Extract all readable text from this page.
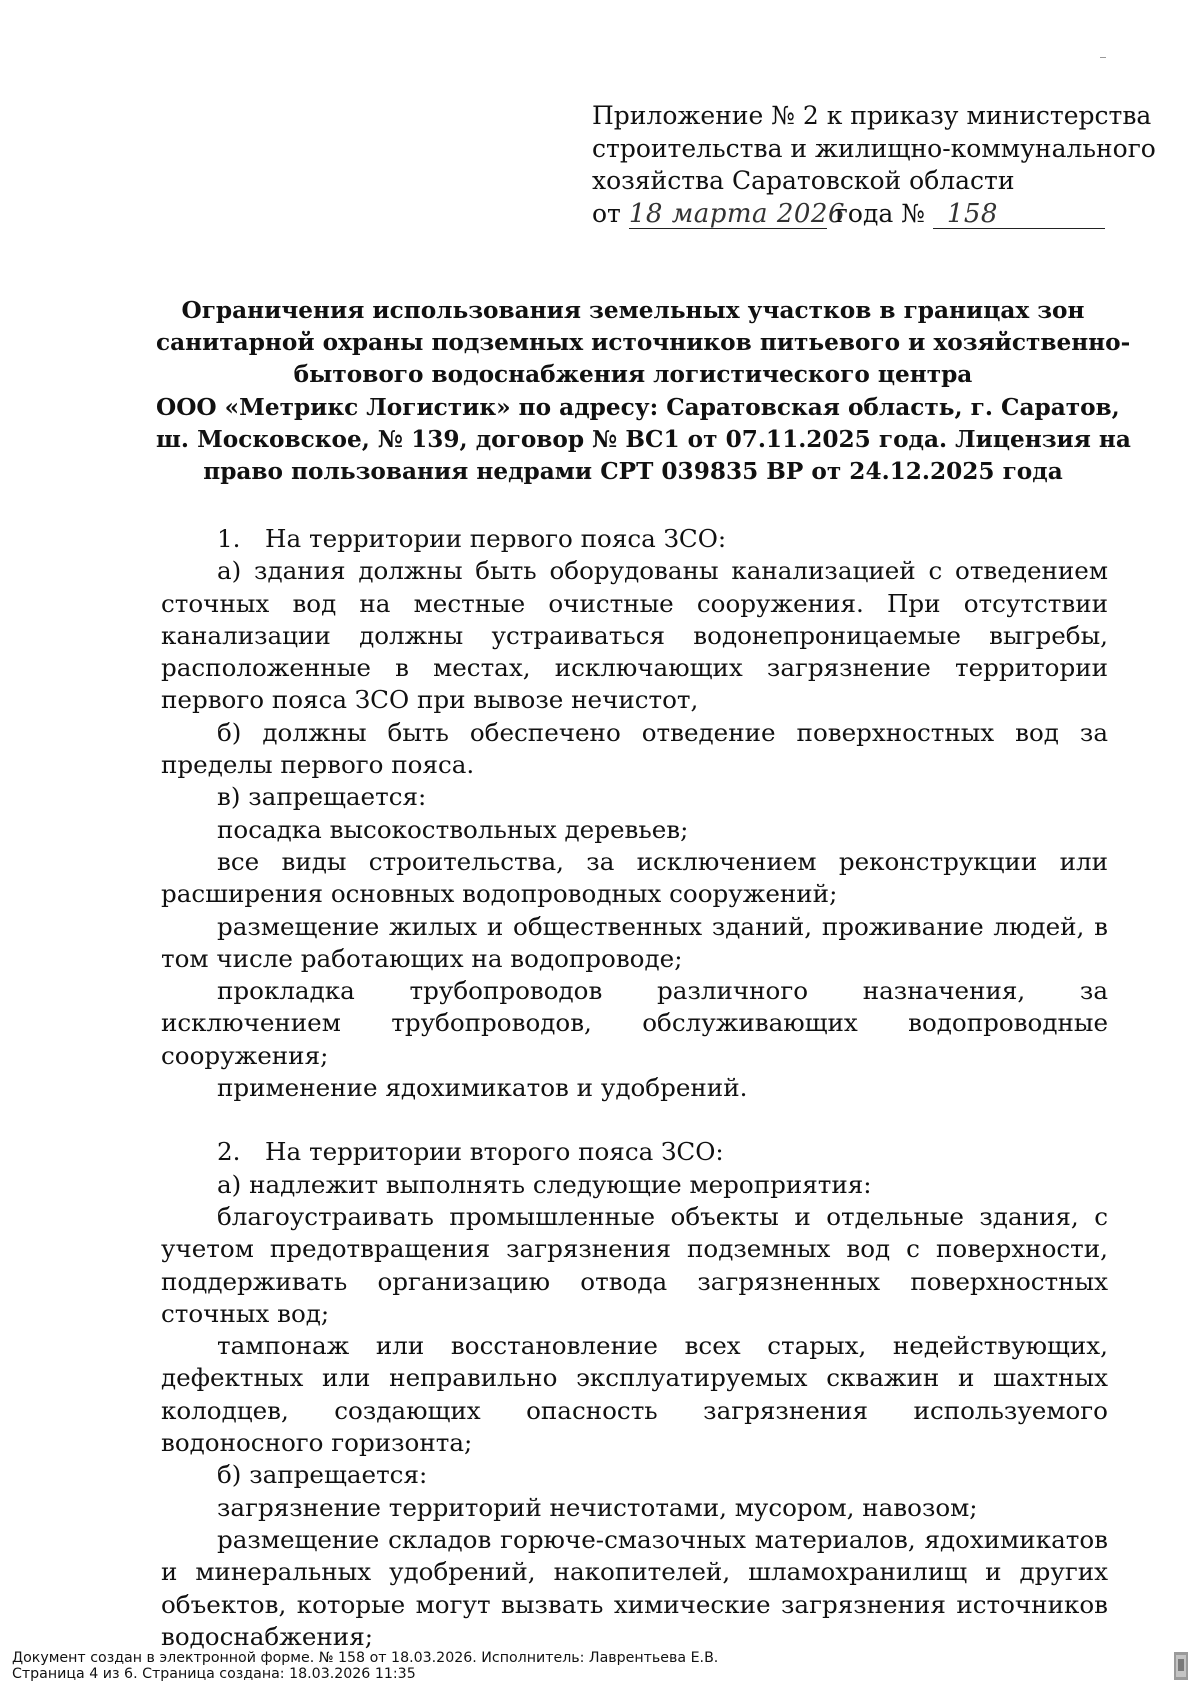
Приложение № 2 к приказу министерства
строительства и жилищно-коммунального
хозяйства Саратовской области
от 18 марта 2026 года № 158
Ограничения использования земельных участков в границах зон
санитарной охраны подземных источников питьевого и хозяйственно-
бытового водоснабжения логистического центра
ООО «Метрикс Логистик» по адресу: Саратовская область, г. Саратов,
ш. Московское, № 139, договор № ВС1 от 07.11.2025 года. Лицензия на
право пользования недрами СРТ 039835 ВР от 24.12.2025 года
1. На территории первого пояса ЗСО:
а) здания должны быть оборудованы канализацией с отведением сточных вод на местные очистные сооружения. При отсутствии канализации должны устраиваться водонепроницаемые выгребы, расположенные в местах, исключающих загрязнение территории первого пояса ЗСО при вывозе нечистот,
б) должны быть обеспечено отведение поверхностных вод за пределы первого пояса.
в) запрещается:
посадка высокоствольных деревьев;
все виды строительства, за исключением реконструкции или расширения основных водопроводных сооружений;
размещение жилых и общественных зданий, проживание людей, в том числе работающих на водопроводе;
прокладка трубопроводов различного назначения, за исключением трубопроводов, обслуживающих водопроводные сооружения;
применение ядохимикатов и удобрений.
2. На территории второго пояса ЗСО:
а) надлежит выполнять следующие мероприятия:
благоустраивать промышленные объекты и отдельные здания, с учетом предотвращения загрязнения подземных вод с поверхности, поддерживать организацию отвода загрязненных поверхностных сточных вод;
тампонаж или восстановление всех старых, недействующих, дефектных или неправильно эксплуатируемых скважин и шахтных колодцев, создающих опасность загрязнения используемого водоносного горизонта;
б) запрещается:
загрязнение территорий нечистотами, мусором, навозом;
размещение складов горюче-смазочных материалов, ядохимикатов и минеральных удобрений, накопителей, шламохранилищ и других объектов, которые могут вызвать химические загрязнения источников водоснабжения;
Документ создан в электронной форме. № 158 от 18.03.2026. Исполнитель: Лаврентьева Е.В.
Страница 4 из 6. Страница создана: 18.03.2026 11:35
